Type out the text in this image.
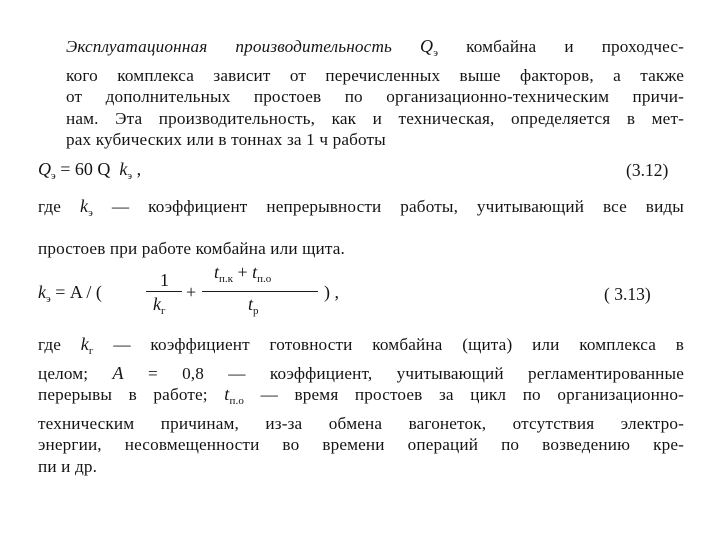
Эксплуатационная производительность $Q_э$ комбайна и проходчес-
кого комплекса зависит от перечисленных выше факторов, а также
от дополнительных простоев по организационно-техническим причи-
нам. Эта производительность, как и техническая, определяется в мет-
рах кубических или в тоннах за 1 ч работы
$Q_э = 60$ Q $k_э$ ,	(3.12)
где $k_э$ — коэффициент непрерывности работы, учитывающий все виды
простоев при работе комбайна или щита.
$k_э = A$ / (
1
$k_г$
+
$t_{п.к} + t_{п.о}$
$t_р$
) ,	( 3.13)
где $k_г$ — коэффициент готовности комбайна (щита) или комплекса в
целом; A = 0,8 — коэффициент, учитывающий регламентированные
перерывы в работе; $t_{п.о}$ — время простоев за цикл по организационно-
техническим причинам, из-за обмена вагонеток, отсутствия электро-
энергии, несовмещенности во времени операций по возведению кре-
пи и др.
